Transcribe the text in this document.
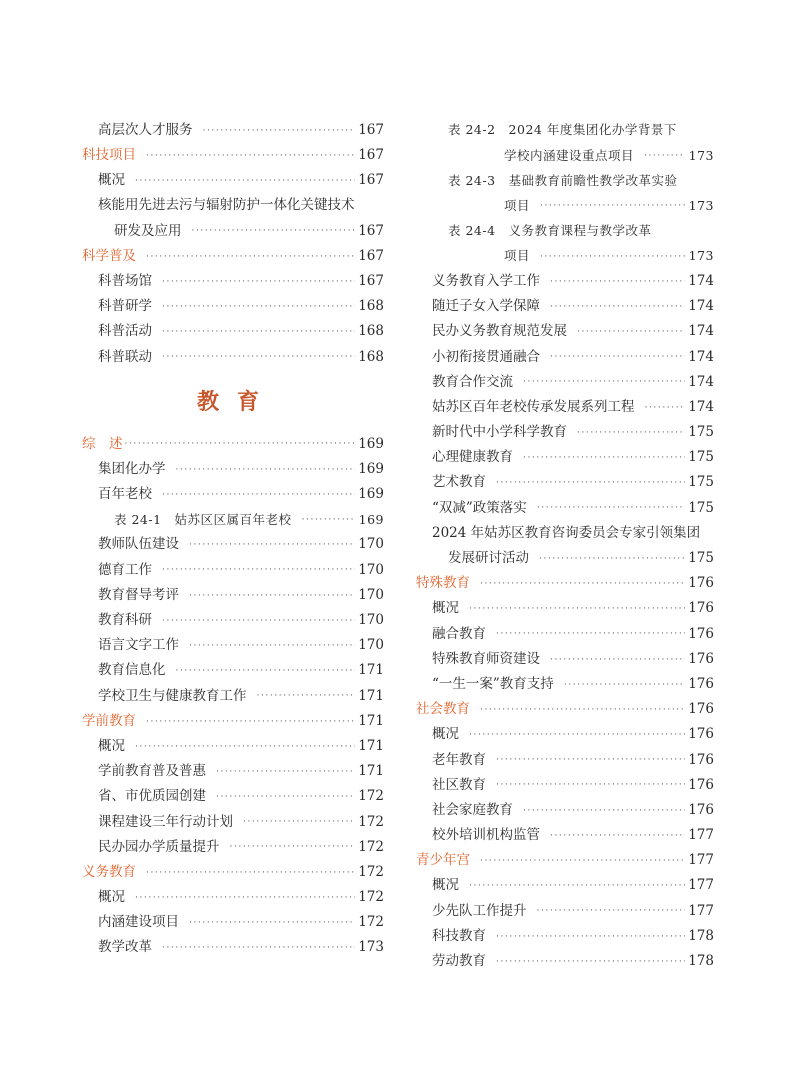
高层次人才服务 ·····	167
科技项目 ·····	167
概况 ·····	167
核能用先进去污与辐射防护一体化关键技术
研发及应用 ·····	167
科学普及 ·····	167
科普场馆 ·····	167
科普研学 ·····	168
科普活动 ·····	168
科普联动 ·····	168
教育
综　述 ·····	169
集团化办学 ·····	169
百年老校 ·····	169
表 24-1　姑苏区区属百年老校 ·····	169
教师队伍建设 ·····	170
德育工作 ·····	170
教育督导考评 ·····	170
教育科研 ·····	170
语言文字工作 ·····	170
教育信息化 ·····	171
学校卫生与健康教育工作 ·····	171
学前教育 ·····	171
概况 ·····	171
学前教育普及普惠 ·····	171
省、市优质园创建 ·····	172
课程建设三年行动计划 ·····	172
民办园办学质量提升 ·····	172
义务教育 ·····	172
概况 ·····	172
内涵建设项目 ·····	172
教学改革 ·····	173
表 24-2　2024 年度集团化办学背景下
学校内涵建设重点项目 ·····	173
表 24-3　基础教育前瞻性教学改革实验
项目 ·····	173
表 24-4　义务教育课程与教学改革
项目 ·····	173
义务教育入学工作 ·····	174
随迁子女入学保障 ·····	174
民办义务教育规范发展 ·····	174
小初衔接贯通融合 ·····	174
教育合作交流 ·····	174
姑苏区百年老校传承发展系列工程 ·····	174
新时代中小学科学教育 ·····	175
心理健康教育 ·····	175
艺术教育 ·····	175
“双减”政策落实 ·····	175
2024 年姑苏区教育咨询委员会专家引领集团
发展研讨活动 ·····	175
特殊教育 ·····	176
概况 ·····	176
融合教育 ·····	176
特殊教育师资建设 ·····	176
“一生一案”教育支持 ·····	176
社会教育 ·····	176
概况 ·····	176
老年教育 ·····	176
社区教育 ·····	176
社会家庭教育 ·····	176
校外培训机构监管 ·····	177
青少年宫 ·····	177
概况 ·····	177
少先队工作提升 ·····	177
科技教育 ·····	178
劳动教育 ·····	178
